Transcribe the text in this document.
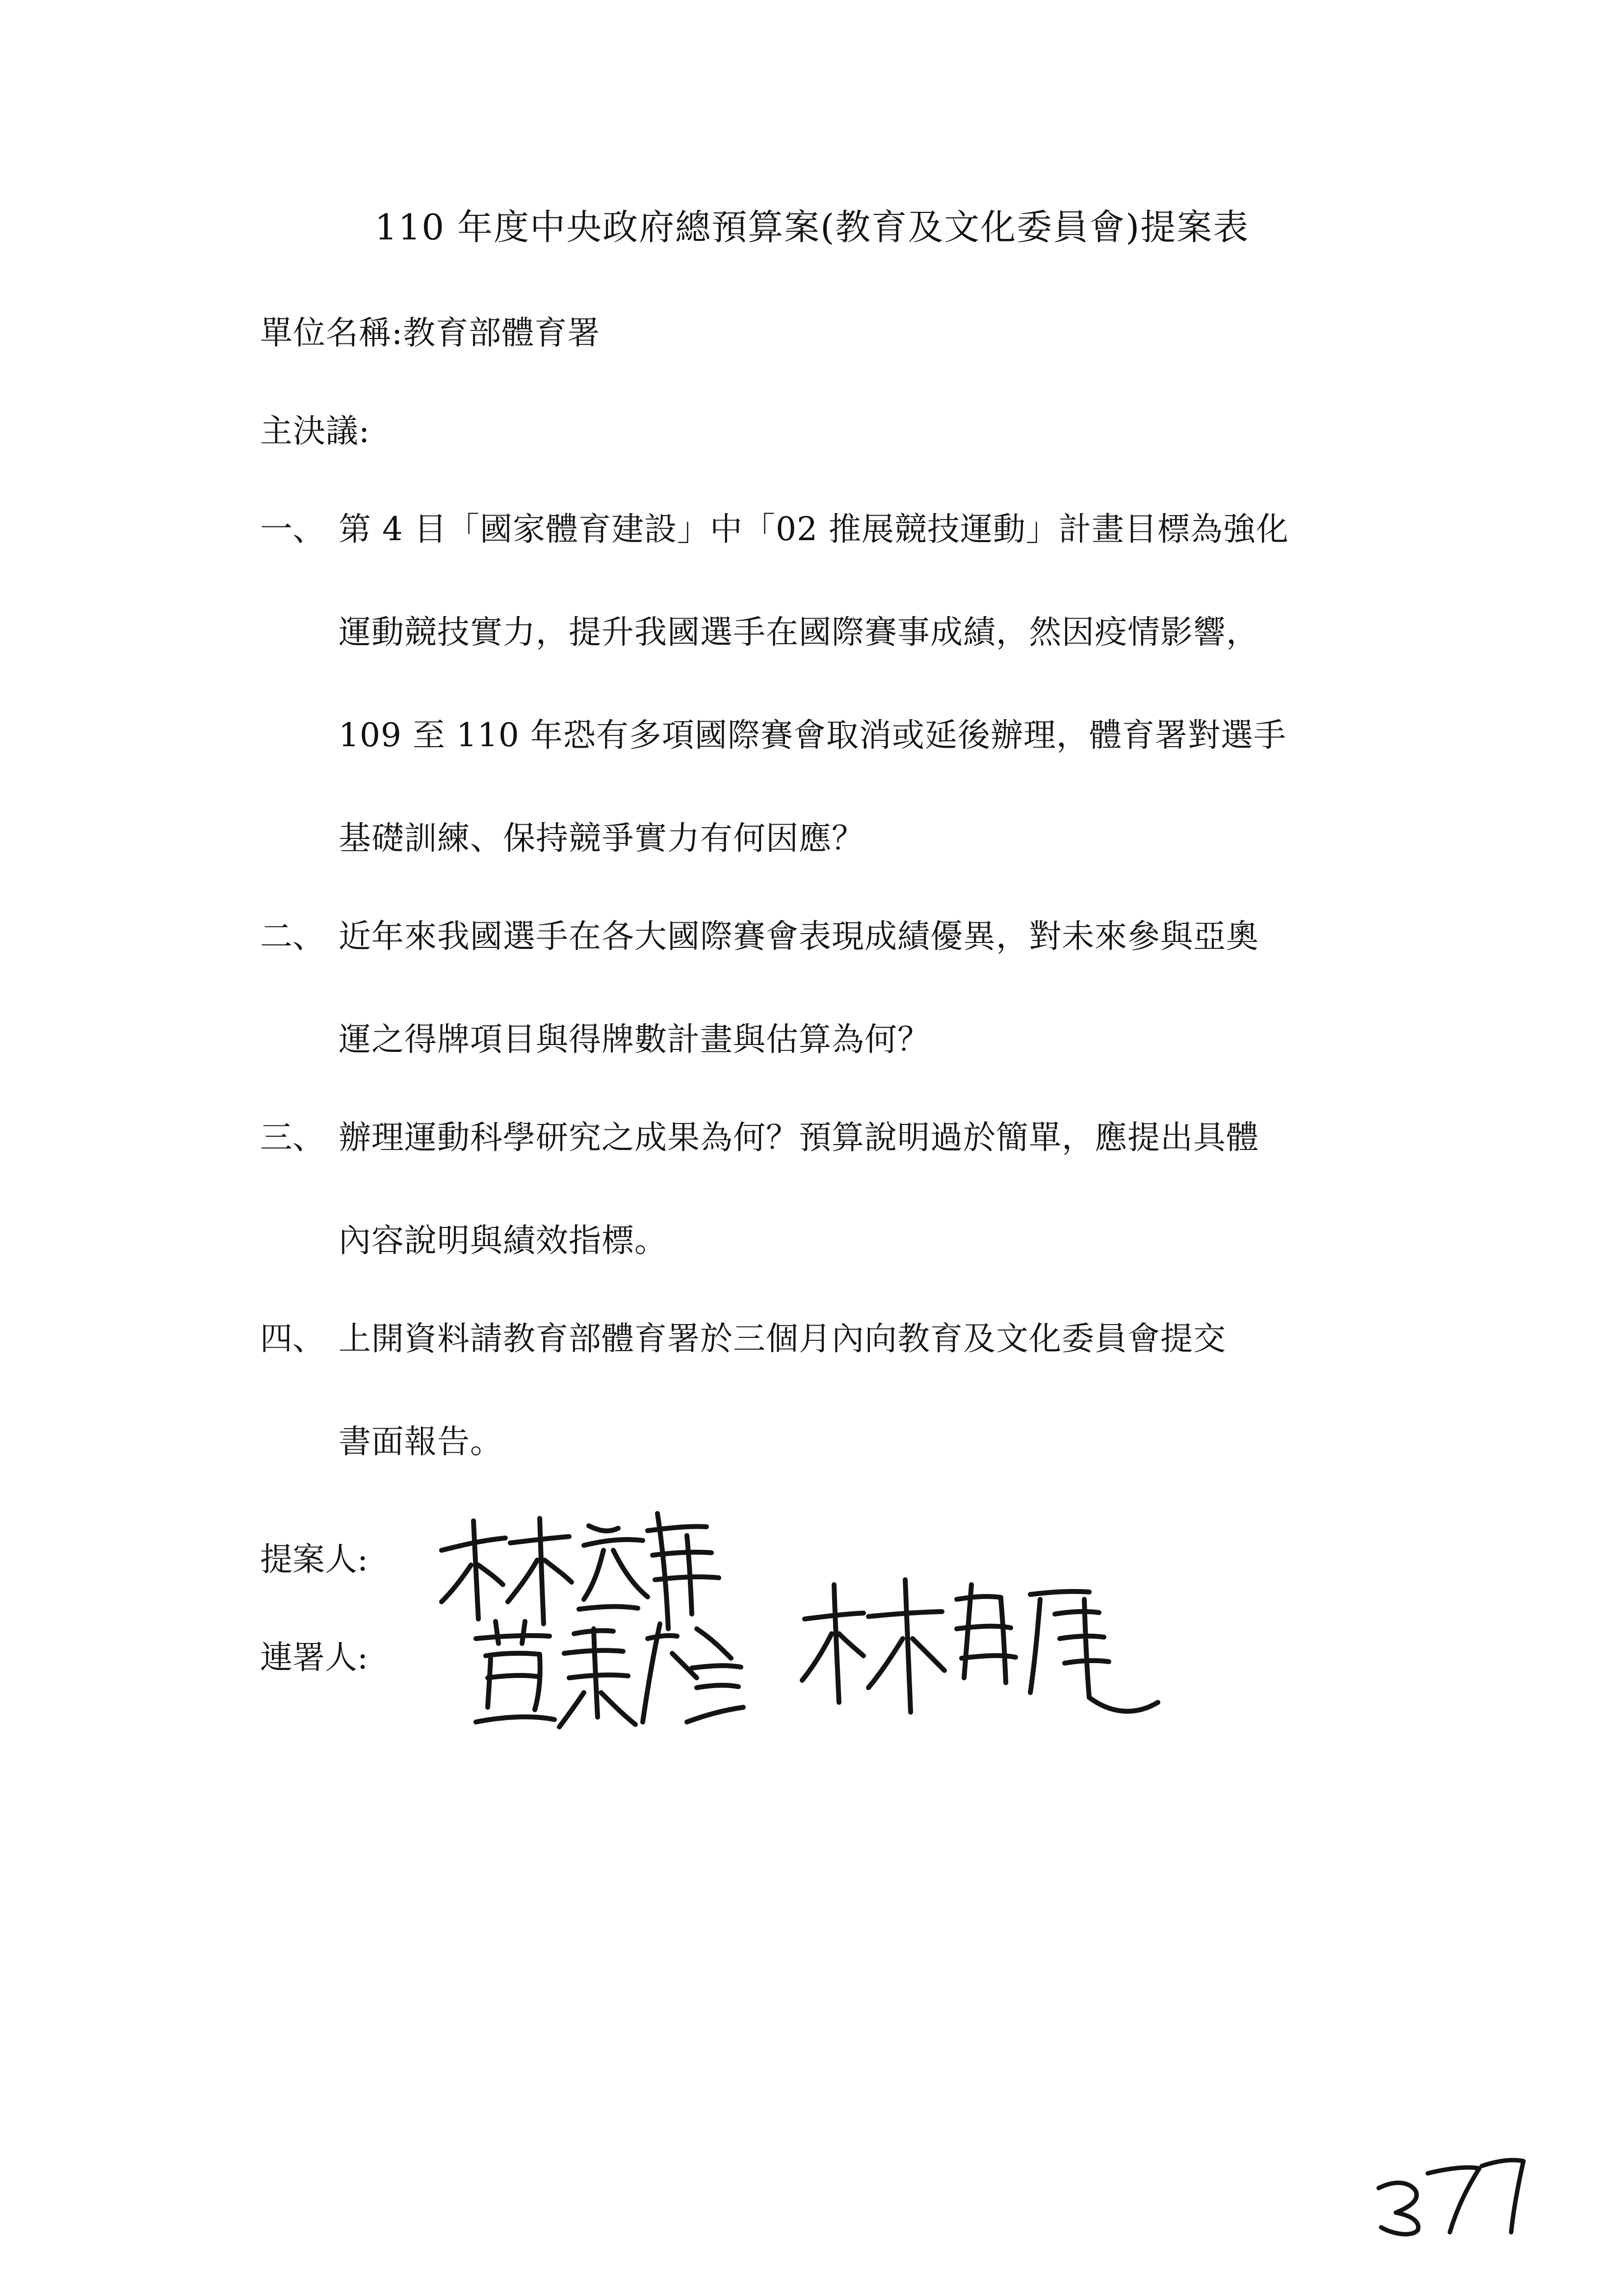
110 年度中央政府總預算案(教育及文化委員會)提案表
單位名稱:教育部體育署
主決議:
一、 第 4 目「國家體育建設」中「02 推展競技運動」計畫目標為強化
運動競技實力，提升我國選手在國際賽事成績，然因疫情影響，
109 至 110 年恐有多項國際賽會取消或延後辦理，體育署對選手
基礎訓練、保持競爭實力有何因應？
二、 近年來我國選手在各大國際賽會表現成績優異，對未來參與亞奧
運之得牌項目與得牌數計畫與估算為何？
三、 辦理運動科學研究之成果為何？預算說明過於簡單，應提出具體
內容說明與績效指標。
四、 上開資料請教育部體育署於三個月內向教育及文化委員會提交
書面報告。
提案人:
連署人:
